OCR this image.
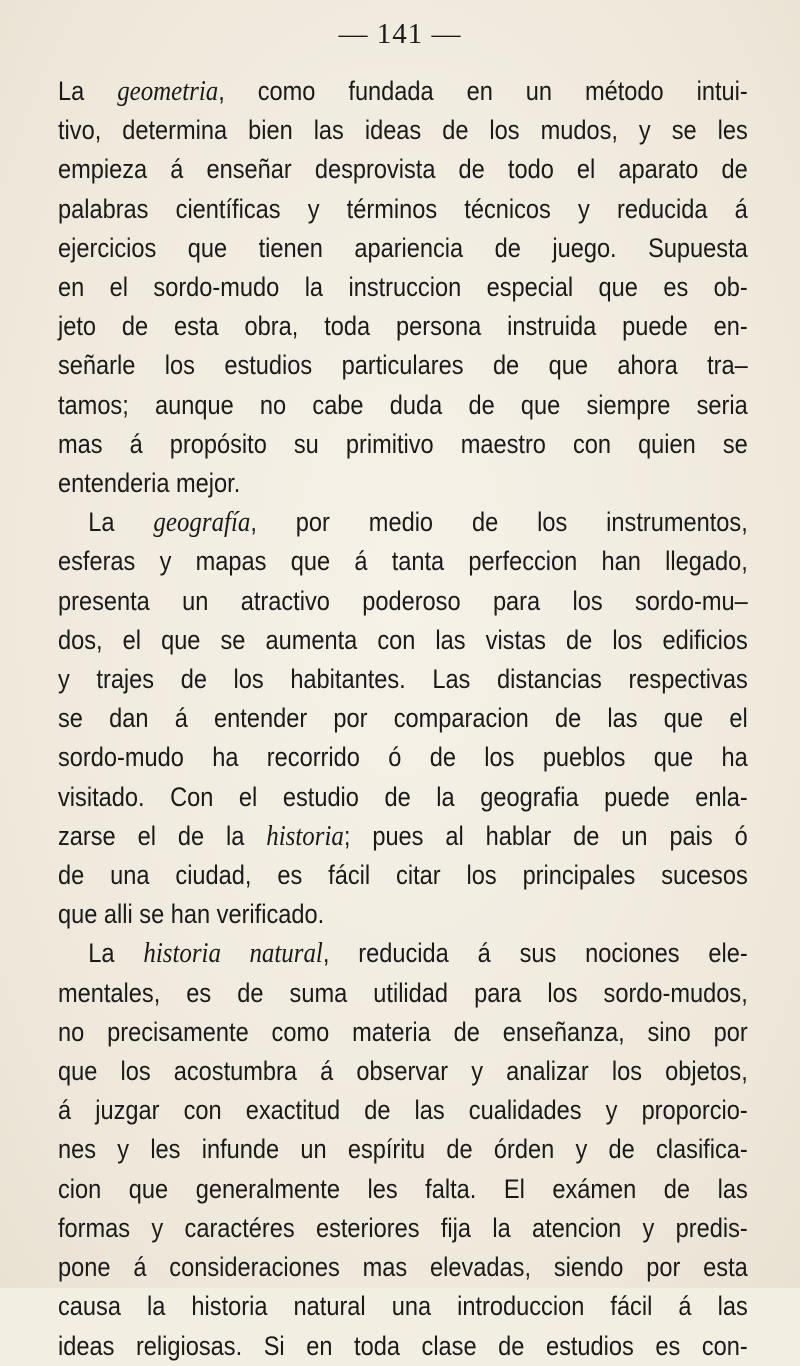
— 141 —
La geometria, como fundada en un método intui-
tivo, determina bien las ideas de los mudos, y se les
empieza á enseñar desprovista de todo el aparato de
palabras científicas y términos técnicos y reducida á
ejercicios que tienen apariencia de juego. Supuesta
en el sordo-mudo la instruccion especial que es ob-
jeto de esta obra, toda persona instruida puede en-
señarle los estudios particulares de que ahora tra–
tamos; aunque no cabe duda de que siempre seria
mas á propósito su primitivo maestro con quien se
entenderia mejor.
La geografía, por medio de los instrumentos,
esferas y mapas que á tanta perfeccion han llegado,
presenta un atractivo poderoso para los sordo-mu–
dos, el que se aumenta con las vistas de los edificios
y trajes de los habitantes. Las distancias respectivas
se dan á entender por comparacion de las que el
sordo-mudo ha recorrido ó de los pueblos que ha
visitado. Con el estudio de la geografia puede enla-
zarse el de la historia; pues al hablar de un pais ó
de una ciudad, es fácil citar los principales sucesos
que alli se han verificado.
La historia natural, reducida á sus nociones ele-
mentales, es de suma utilidad para los sordo-mudos,
no precisamente como materia de enseñanza, sino por
que los acostumbra á observar y analizar los objetos,
á juzgar con exactitud de las cualidades y proporcio-
nes y les infunde un espíritu de órden y de clasifica-
cion que generalmente les falta. El exámen de las
formas y caractéres esteriores fija la atencion y predis-
pone á consideraciones mas elevadas, siendo por esta
causa la historia natural una introduccion fácil á las
ideas religiosas. Si en toda clase de estudios es con-
